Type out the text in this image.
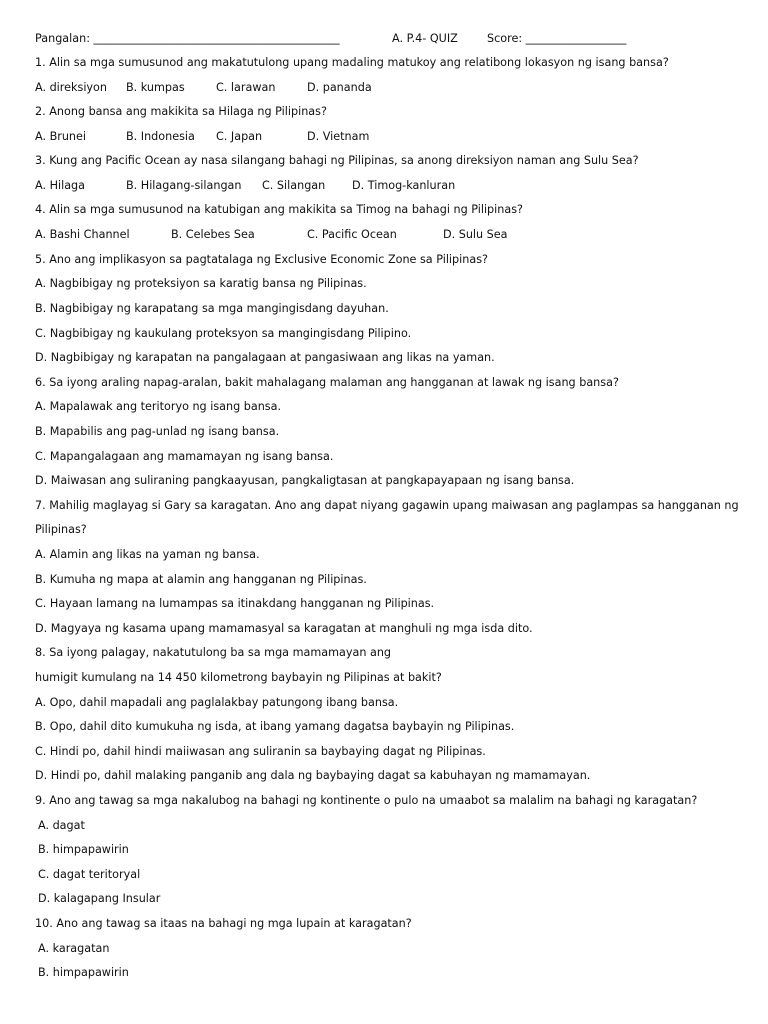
Pangalan: ____________________________________________	A. P.4- QUIZ	Score: __________________
1. Alin sa mga sumusunod ang makatutulong upang madaling matukoy ang relatibong lokasyon ng isang bansa?
A. direksiyon B. kumpas	C. larawan	D. pananda
2. Anong bansa ang makikita sa Hilaga ng Pilipinas?
A. Brunei	B. Indonesia C. Japan	D. Vietnam
3. Kung ang Pacific Ocean ay nasa silangang bahagi ng Pilipinas, sa anong direksiyon naman ang Sulu Sea?
A. Hilaga	B. Hilagang-silangan C. Silangan D. Timog-kanluran
4. Alin sa mga sumusunod na katubigan ang makikita sa Timog na bahagi ng Pilipinas?
A. Bashi Channel	B. Celebes Sea	C. Pacific Ocean	D. Sulu Sea
5. Ano ang implikasyon sa pagtatalaga ng Exclusive Economic Zone sa Pilipinas?
A. Nagbibigay ng proteksiyon sa karatig bansa ng Pilipinas.
B. Nagbibigay ng karapatang sa mga mangingisdang dayuhan.
C. Nagbibigay ng kaukulang proteksyon sa mangingisdang Pilipino.
D. Nagbibigay ng karapatan na pangalagaan at pangasiwaan ang likas na yaman.
6. Sa iyong araling napag-aralan, bakit mahalagang malaman ang hangganan at lawak ng isang bansa?
A. Mapalawak ang teritoryo ng isang bansa.
B. Mapabilis ang pag-unlad ng isang bansa.
C. Mapangalagaan ang mamamayan ng isang bansa.
D. Maiwasan ang suliraning pangkaayusan, pangkaligtasan at pangkapayapaan ng isang bansa.
7. Mahilig maglayag si Gary sa karagatan. Ano ang dapat niyang gagawin upang maiwasan ang paglampas sa hangganan ng
Pilipinas?
A. Alamin ang likas na yaman ng bansa.
B. Kumuha ng mapa at alamin ang hangganan ng Pilipinas.
C. Hayaan lamang na lumampas sa itinakdang hangganan ng Pilipinas.
D. Magyaya ng kasama upang mamamasyal sa karagatan at manghuli ng mga isda dito.
8. Sa iyong palagay, nakatutulong ba sa mga mamamayan ang
humigit kumulang na 14 450 kilometrong baybayin ng Pilipinas at bakit?
A. Opo, dahil mapadali ang paglalakbay patungong ibang bansa.
B. Opo, dahil dito kumukuha ng isda, at ibang yamang dagatsa baybayin ng Pilipinas.
C. Hindi po, dahil hindi maiiwasan ang suliranin sa baybaying dagat ng Pilipinas.
D. Hindi po, dahil malaking panganib ang dala ng baybaying dagat sa kabuhayan ng mamamayan.
9. Ano ang tawag sa mga nakalubog na bahagi ng kontinente o pulo na umaabot sa malalim na bahagi ng karagatan?
A. dagat
B. himpapawirin
C. dagat teritoryal
D. kalagapang Insular
10. Ano ang tawag sa itaas na bahagi ng mga lupain at karagatan?
A. karagatan
B. himpapawirin
